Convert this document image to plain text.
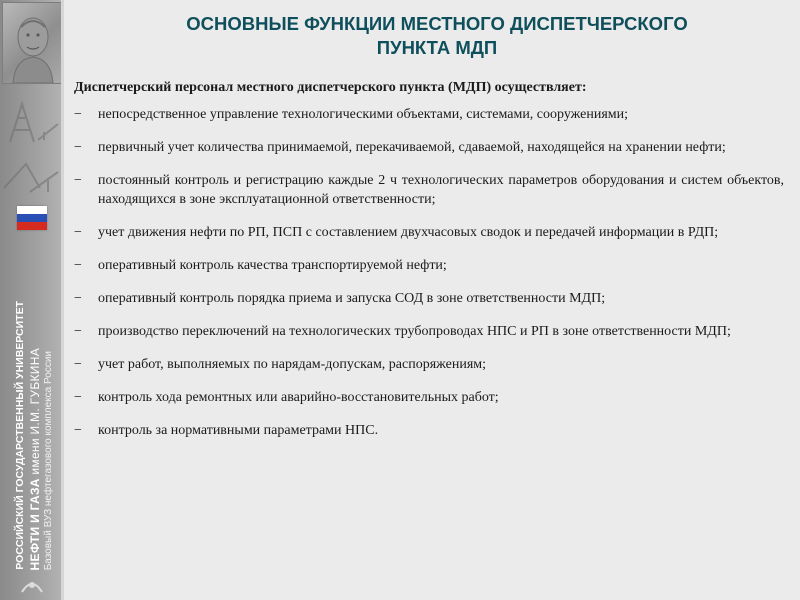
РОССИЙСКИЙ ГОСУДАРСТВЕННЫЙ УНИВЕРСИТЕТ НЕФТИ И ГАЗА имени И.М. ГУБКИНА Базовый ВУЗ нефтегазового комплекса России
ОСНОВНЫЕ ФУНКЦИИ МЕСТНОГО ДИСПЕТЧЕРСКОГО
ПУНКТА МДП

Диспетчерский персонал местного диспетчерского пункта (МДП) осуществляет:

− непосредственное управление технологическими объектами, системами, сооружениями;
− первичный учет количества принимаемой, перекачиваемой, сдаваемой, находящейся на хранении нефти;
− постоянный контроль и регистрацию каждые 2 ч технологических параметров оборудования и систем объектов, находящихся в зоне эксплуатационной ответственности;
− учет движения нефти по РП, ПСП с составлением двухчасовых сводок и передачей информации в РДП;
− оперативный контроль качества транспортируемой нефти;
− оперативный контроль порядка приема и запуска СОД в зоне ответственности МДП;
− производство переключений на технологических трубопроводах НПС и РП в зоне ответственности МДП;
− учет работ, выполняемых по нарядам-допускам, распоряжениям;
− контроль хода ремонтных или аварийно-восстановительных работ;
− контроль за нормативными параметрами НПС.
